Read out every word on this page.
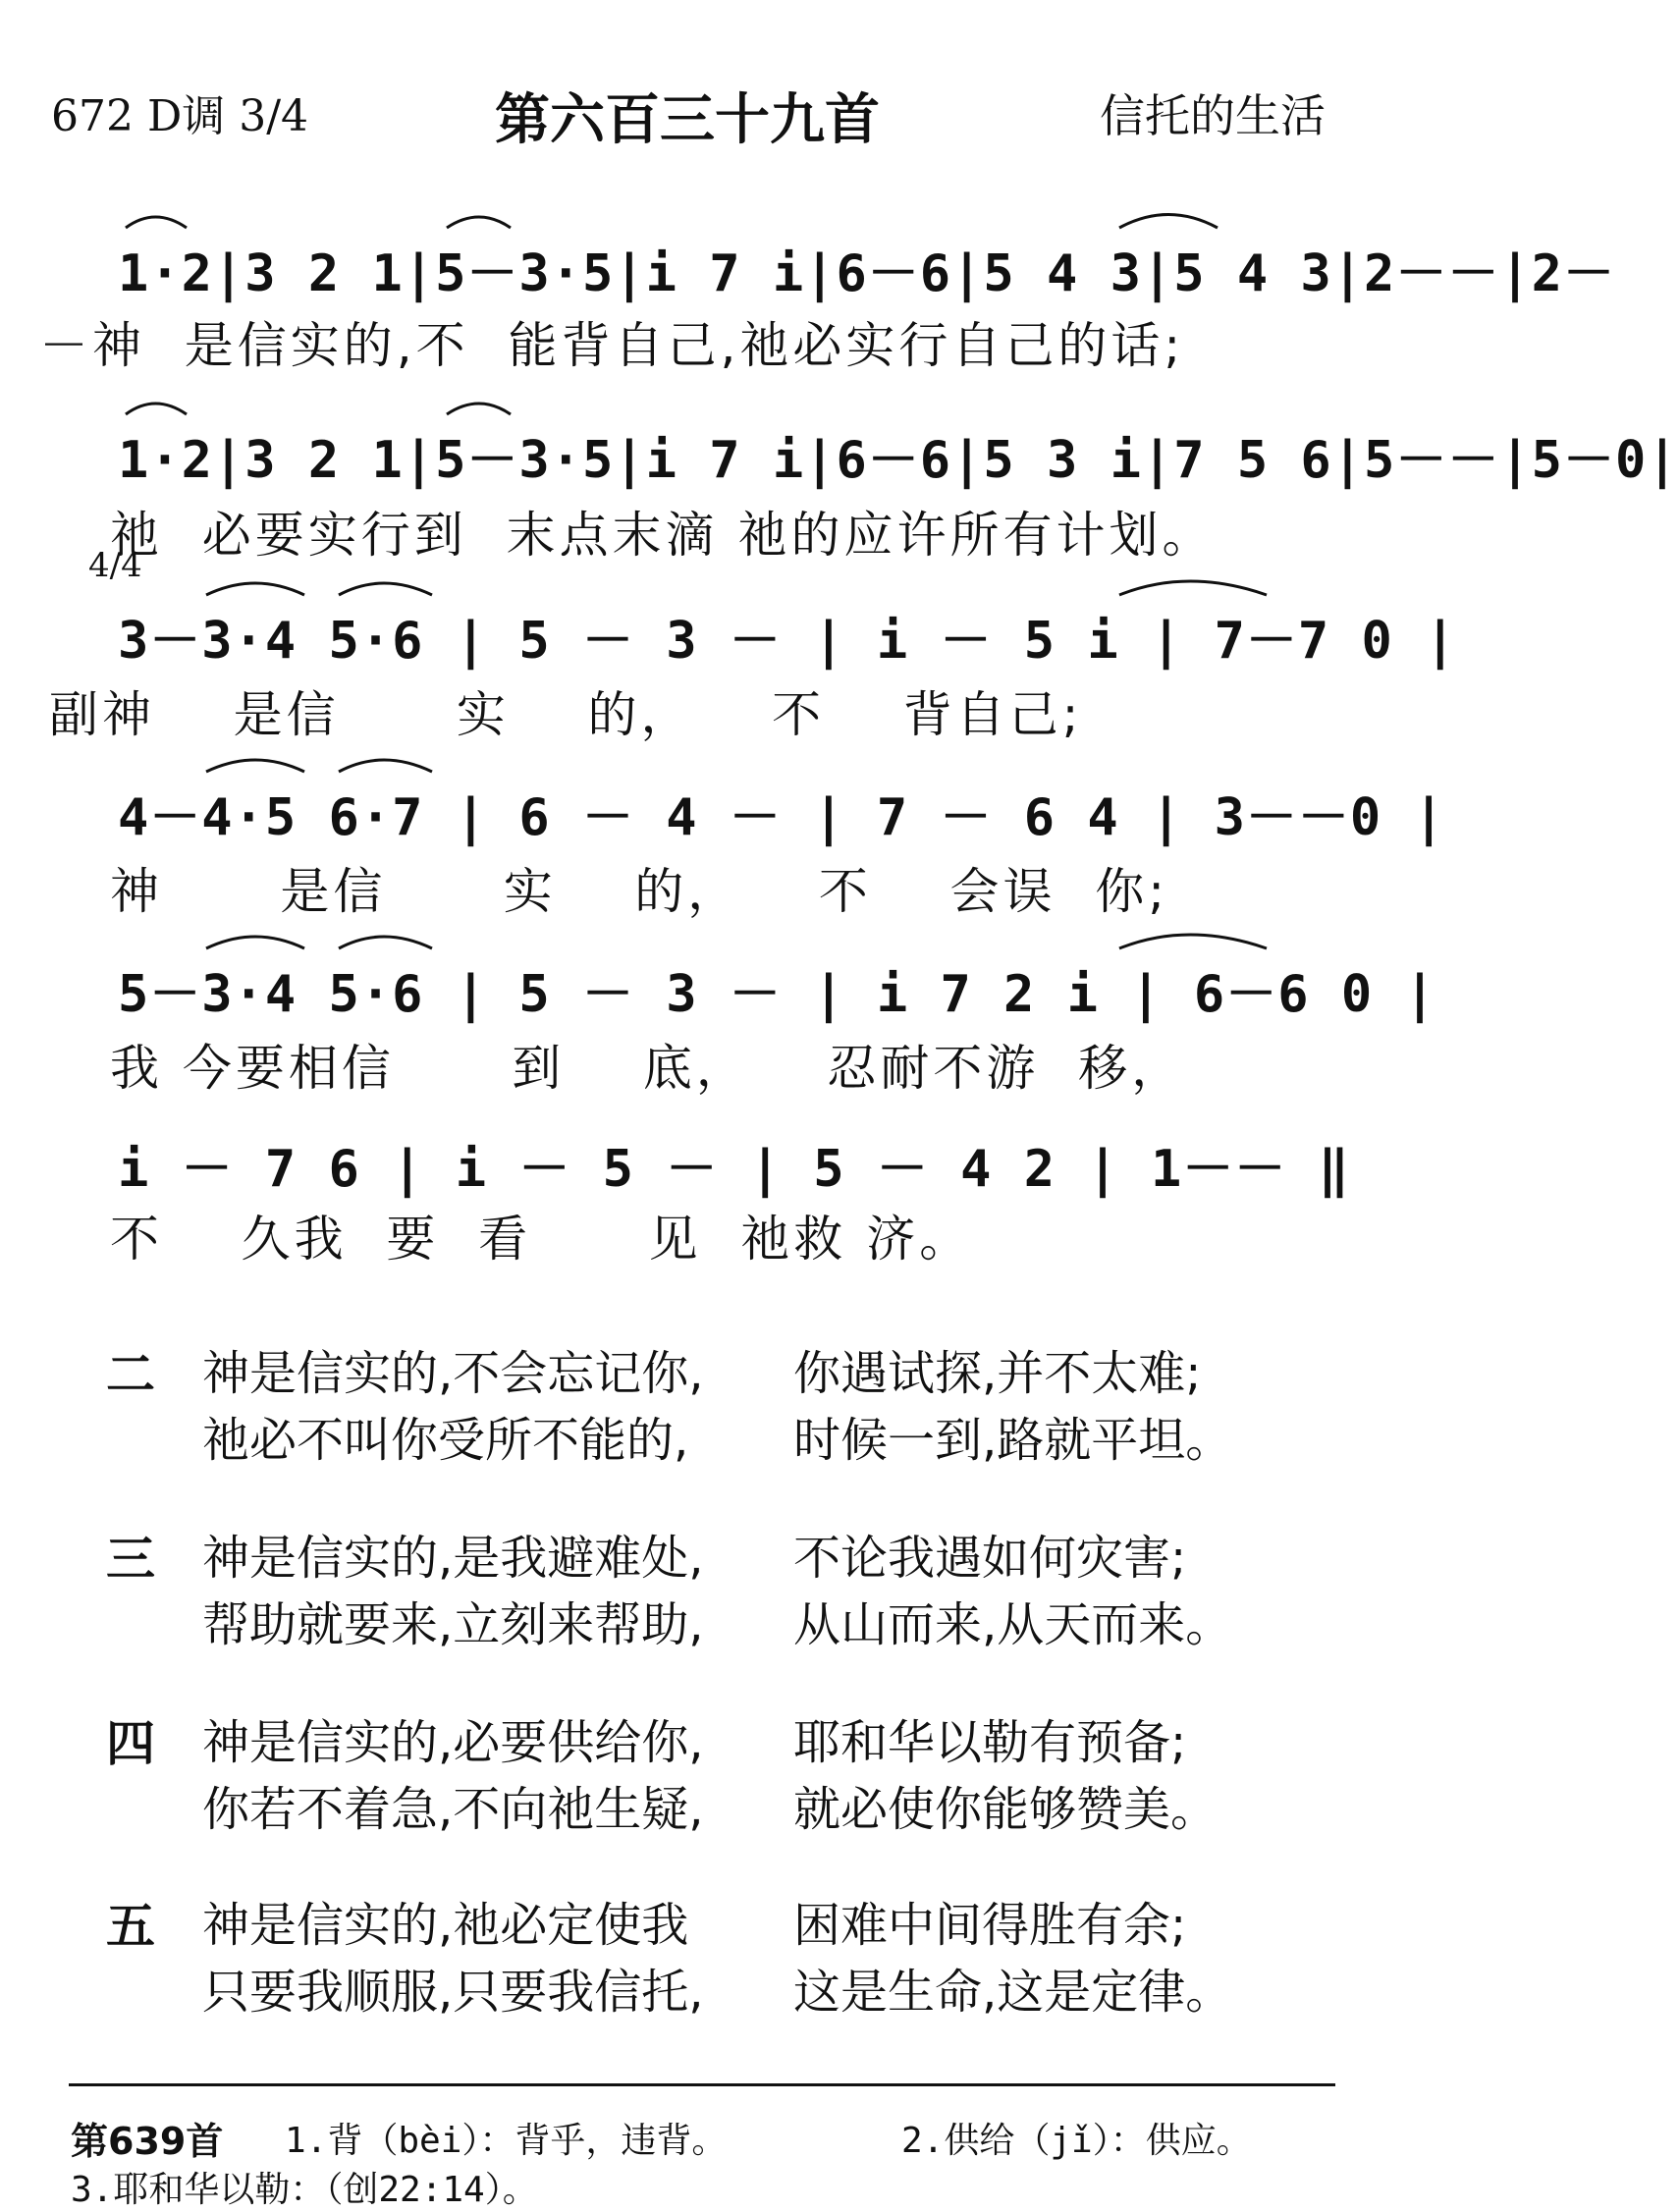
672 D调 3/4	第六百三十九首	信托的生活
1·2|3 2 1|5－3·5|i 7 i|6－6|5 4 3|5 4 3|2－－|2－
－神  是信实的,不  能背自己,祂必实行自己的话;
1·2|3 2 1|5－3·5|i 7 i|6－6|5 3 i|7 5 6|5－－|5－0|
祂  必要实行到  末点末滴 祂的应许所有计划。
4/4
3－3·4 5·6 | 5 － 3 － | i － 5 i | 7－7 0 |
副神    是信      实    的，    不    背自己;
4－4·5 6·7 | 6 － 4 － | 7 － 6 4 | 3－－0 |
神      是信      实    的，    不    会误  你;
5－3·4 5·6 | 5 － 3 － | i 7 2 i | 6－6 0 |
我 今要相信      到    底，    忍耐不游  移，
i － 7 6 | i － 5 － | 5 － 4 2 | 1－－ ‖
不    久我  要  看      见  祂救 济。
二 神是信实的,不会忘记你, 你遇试探,并不太难;
祂必不叫你受所不能的, 时候一到,路就平坦。
三 神是信实的,是我避难处, 不论我遇如何灾害;
帮助就要来,立刻来帮助, 从山而来,从天而来。
四 神是信实的,必要供给你, 耶和华以勒有预备;
你若不着急,不向祂生疑, 就必使你能够赞美。
五 神是信实的,祂必定使我 困难中间得胜有余;
只要我顺服,只要我信托, 这是生命,这是定律。
第639首 1.背（bèi）：背乎，违背。	2.供给（jǐ）：供应。
3.耶和华以勒：（创22:14）。
